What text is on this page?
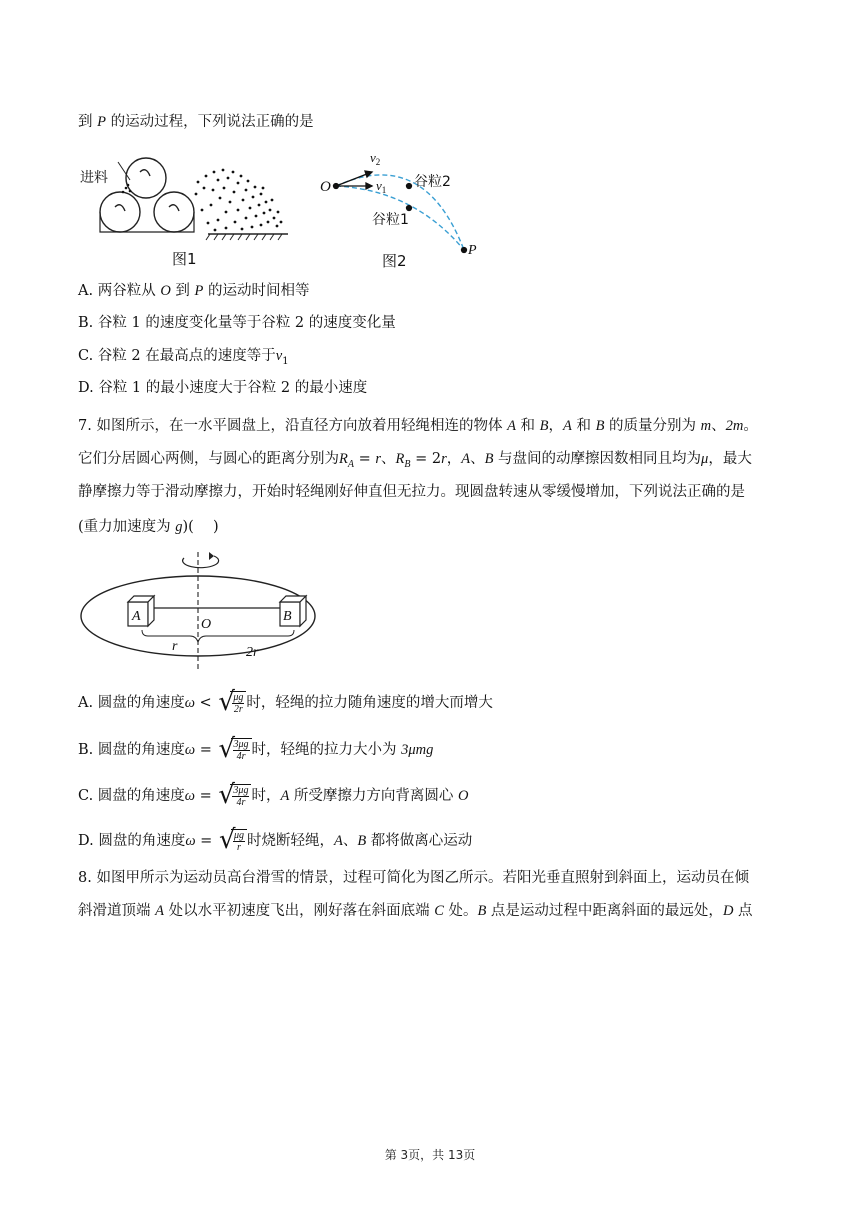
到 P 的运动过程，下列说法正确的是
进料
图1
O
$v_2$
$v_1$
P
谷粒2
谷粒1
图2
A. 两谷粒从 O 到 P 的运动时间相等
B. 谷粒 1 的速度变化量等于谷粒 2 的速度变化量
C. 谷粒 2 在最高点的速度等于$v_1$
D. 谷粒 1 的最小速度大于谷粒 2 的最小速度
7. 如图所示，在一水平圆盘上，沿直径方向放着用轻绳相连的物体 A 和 B，A 和 B 的质量分别为 m、2m。
它们分居圆心两侧，与圆心的距离分别为$R_A = r$、$R_B = 2r$，A、B 与盘间的动摩擦因数相同且均为μ，最大
静摩擦力等于滑动摩擦力，开始时轻绳刚好伸直但无拉力。现圆盘转速从零缓慢增加，下列说法正确的是
(重力加速度为 g)(　 )
A	B
O
r	2r
A. 圆盘的角速度ω < √
$\frac{\mu g}{2r}$ 时，轻绳的拉力随角速度的增大而增大
B. 圆盘的角速度ω = √
$\frac{3\mu g}{4r}$ 时，轻绳的拉力大小为 3μmg
C. 圆盘的角速度ω = √
$\frac{3\mu g}{4r}$ 时，A 所受摩擦力方向背离圆心 O
D. 圆盘的角速度ω = √
$\frac{\mu g}{r}$ 时烧断轻绳，A、B 都将做离心运动
8. 如图甲所示为运动员高台滑雪的情景，过程可简化为图乙所示。若阳光垂直照射到斜面上，运动员在倾
斜滑道顶端 A 处以水平初速度飞出，刚好落在斜面底端 C 处。B 点是运动过程中距离斜面的最远处，D 点
第 3页，共 13页
